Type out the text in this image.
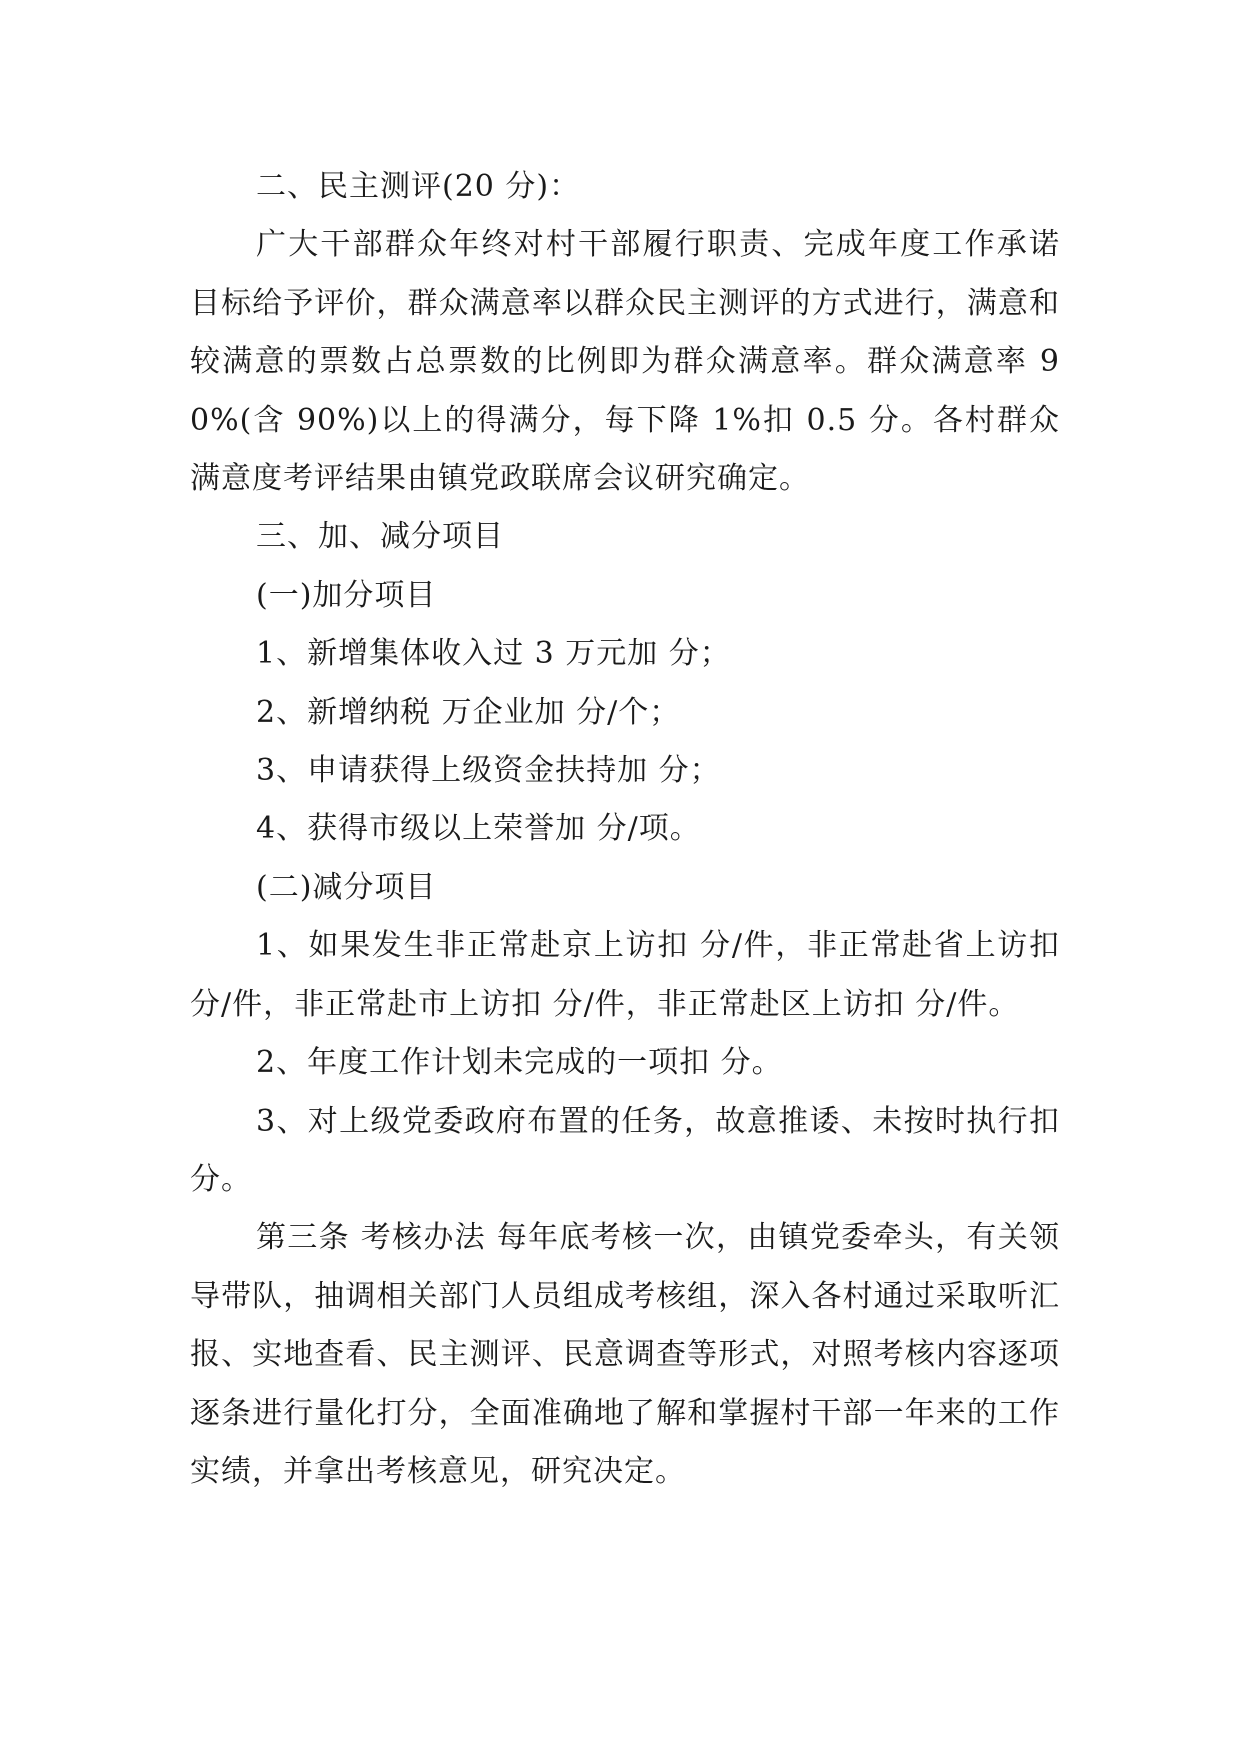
二、民主测评(20 分)：

广大干部群众年终对村干部履行职责、完成年度工作承诺目标给予评价，群众满意率以群众民主测评的方式进行，满意和较满意的票数占总票数的比例即为群众满意率。群众满意率 90%(含 90%)以上的得满分，每下降 1%扣 0.5 分。各村群众满意度考评结果由镇党政联席会议研究确定。

三、加、减分项目

(一)加分项目

1、新增集体收入过 3 万元加 分；

2、新增纳税 万企业加 分/个；

3、申请获得上级资金扶持加 分；

4、获得市级以上荣誉加 分/项。

(二)减分项目

1、如果发生非正常赴京上访扣 分/件，非正常赴省上访扣 分/件，非正常赴市上访扣 分/件，非正常赴区上访扣 分/件。

2、年度工作计划未完成的一项扣 分。

3、对上级党委政府布置的任务，故意推诿、未按时执行扣 分。

第三条 考核办法 每年底考核一次，由镇党委牵头，有关领导带队，抽调相关部门人员组成考核组，深入各村通过采取听汇报、实地查看、民主测评、民意调查等形式，对照考核内容逐项逐条进行量化打分，全面准确地了解和掌握村干部一年来的工作实绩，并拿出考核意见，研究决定。
